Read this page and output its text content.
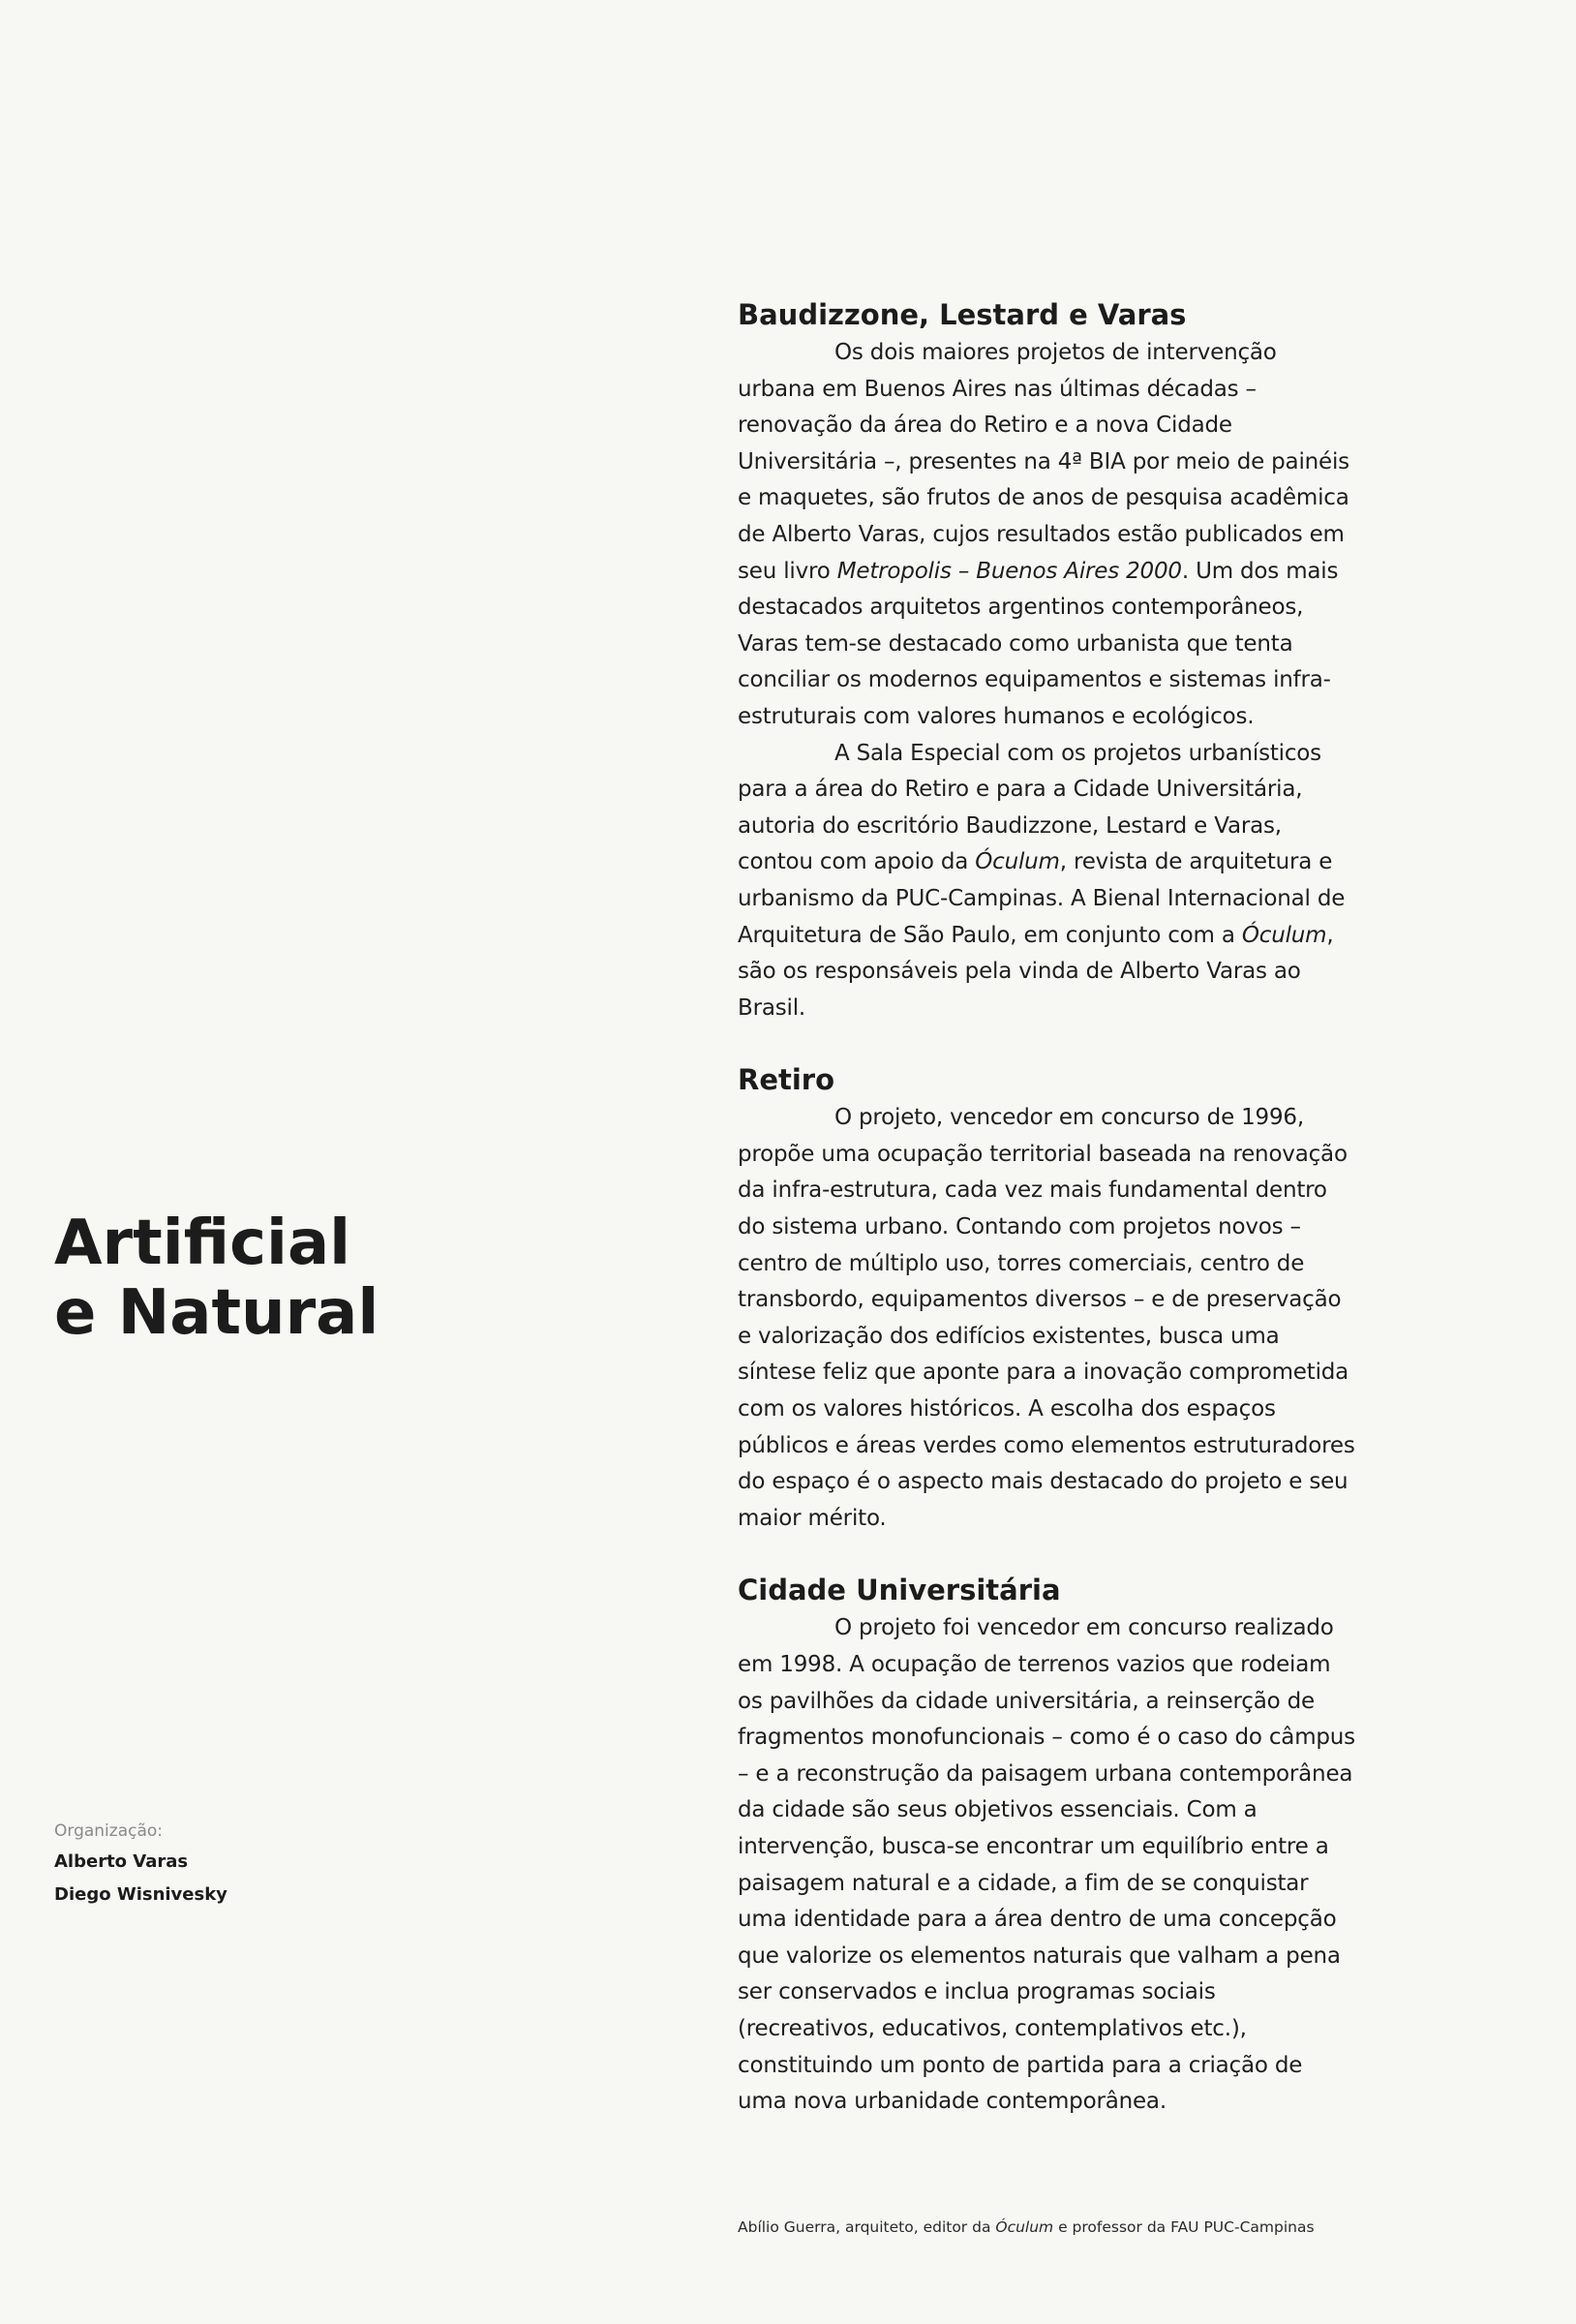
Artificial
e Natural
Organização:
Alberto Varas
Diego Wisnivesky
Baudizzone, Lestard e Varas

Os dois maiores projetos de intervenção urbana em Buenos Aires nas últimas décadas – renovação da área do Retiro e a nova Cidade Universitária –, presentes na 4ª BIA por meio de painéis e maquetes, são frutos de anos de pesquisa acadêmica de Alberto Varas, cujos resultados estão publicados em seu livro Metropolis – Buenos Aires 2000. Um dos mais destacados arquitetos argentinos contemporâneos, Varas tem-se destacado como urbanista que tenta conciliar os modernos equipamentos e sistemas infra-estruturais com valores humanos e ecológicos.

A Sala Especial com os projetos urbanísticos para a área do Retiro e para a Cidade Universitária, autoria do escritório Baudizzone, Lestard e Varas, contou com apoio da Óculum, revista de arquitetura e urbanismo da PUC-Campinas. A Bienal Internacional de Arquitetura de São Paulo, em conjunto com a Óculum, são os responsáveis pela vinda de Alberto Varas ao Brasil.

Retiro

O projeto, vencedor em concurso de 1996, propõe uma ocupação territorial baseada na renovação da infra-estrutura, cada vez mais fundamental dentro do sistema urbano. Contando com projetos novos – centro de múltiplo uso, torres comerciais, centro de transbordo, equipamentos diversos – e de preservação e valorização dos edifícios existentes, busca uma síntese feliz que aponte para a inovação comprometida com os valores históricos. A escolha dos espaços públicos e áreas verdes como elementos estruturadores do espaço é o aspecto mais destacado do projeto e seu maior mérito.

Cidade Universitária

O projeto foi vencedor em concurso realizado em 1998. A ocupação de terrenos vazios que rodeiam os pavilhões da cidade universitária, a reinserção de fragmentos monofuncionais – como é o caso do câmpus – e a reconstrução da paisagem urbana contemporânea da cidade são seus objetivos essenciais. Com a intervenção, busca-se encontrar um equilíbrio entre a paisagem natural e a cidade, a fim de se conquistar uma identidade para a área dentro de uma concepção que valorize os elementos naturais que valham a pena ser conservados e inclua programas sociais (recreativos, educativos, contemplativos etc.), constituindo um ponto de partida para a criação de uma nova urbanidade contemporânea.

Abílio Guerra, arquiteto, editor da Óculum e professor da FAU PUC-Campinas
